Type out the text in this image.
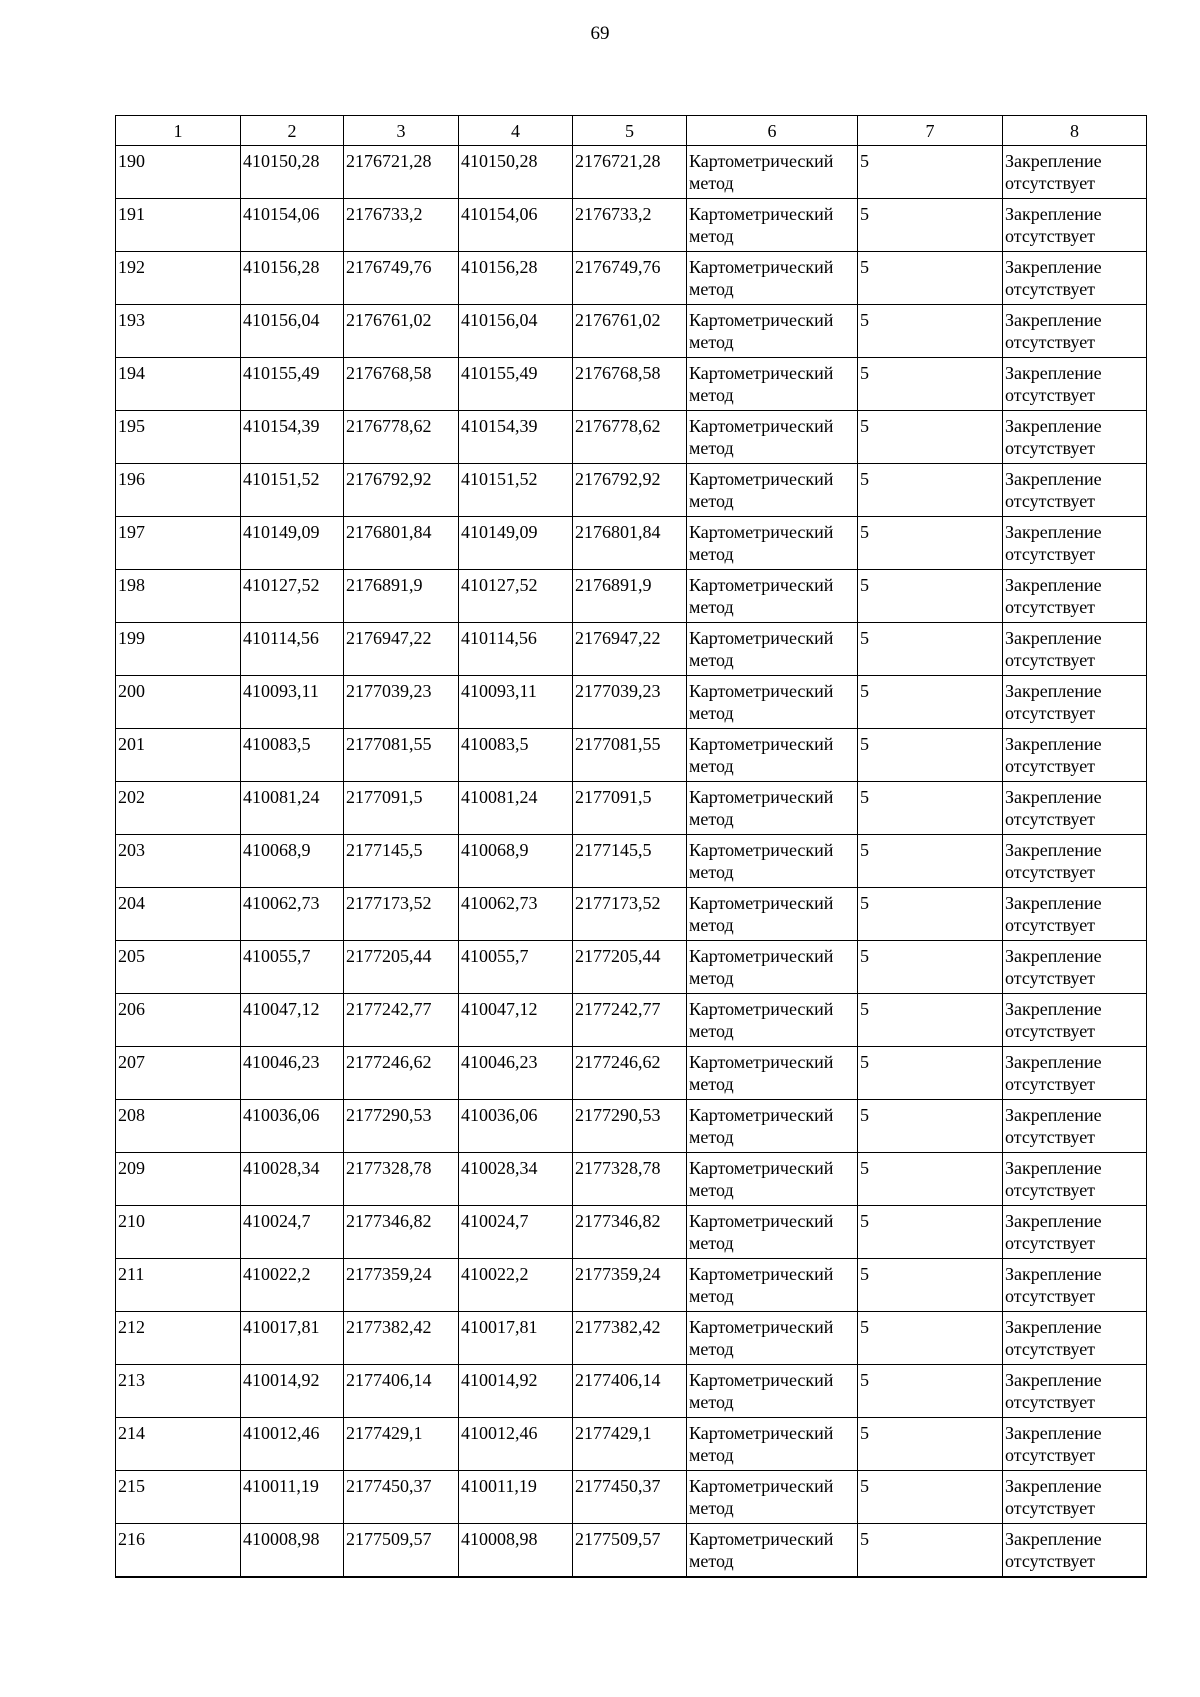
69
1	2	3	4	5	6	7	8
190	410150,28	2176721,28	410150,28	2176721,28	Картометрический метод	5	Закрепление отсутствует
191	410154,06	2176733,2	410154,06	2176733,2	Картометрический метод	5	Закрепление отсутствует
192	410156,28	2176749,76	410156,28	2176749,76	Картометрический метод	5	Закрепление отсутствует
193	410156,04	2176761,02	410156,04	2176761,02	Картометрический метод	5	Закрепление отсутствует
194	410155,49	2176768,58	410155,49	2176768,58	Картометрический метод	5	Закрепление отсутствует
195	410154,39	2176778,62	410154,39	2176778,62	Картометрический метод	5	Закрепление отсутствует
196	410151,52	2176792,92	410151,52	2176792,92	Картометрический метод	5	Закрепление отсутствует
197	410149,09	2176801,84	410149,09	2176801,84	Картометрический метод	5	Закрепление отсутствует
198	410127,52	2176891,9	410127,52	2176891,9	Картометрический метод	5	Закрепление отсутствует
199	410114,56	2176947,22	410114,56	2176947,22	Картометрический метод	5	Закрепление отсутствует
200	410093,11	2177039,23	410093,11	2177039,23	Картометрический метод	5	Закрепление отсутствует
201	410083,5	2177081,55	410083,5	2177081,55	Картометрический метод	5	Закрепление отсутствует
202	410081,24	2177091,5	410081,24	2177091,5	Картометрический метод	5	Закрепление отсутствует
203	410068,9	2177145,5	410068,9	2177145,5	Картометрический метод	5	Закрепление отсутствует
204	410062,73	2177173,52	410062,73	2177173,52	Картометрический метод	5	Закрепление отсутствует
205	410055,7	2177205,44	410055,7	2177205,44	Картометрический метод	5	Закрепление отсутствует
206	410047,12	2177242,77	410047,12	2177242,77	Картометрический метод	5	Закрепление отсутствует
207	410046,23	2177246,62	410046,23	2177246,62	Картометрический метод	5	Закрепление отсутствует
208	410036,06	2177290,53	410036,06	2177290,53	Картометрический метод	5	Закрепление отсутствует
209	410028,34	2177328,78	410028,34	2177328,78	Картометрический метод	5	Закрепление отсутствует
210	410024,7	2177346,82	410024,7	2177346,82	Картометрический метод	5	Закрепление отсутствует
211	410022,2	2177359,24	410022,2	2177359,24	Картометрический метод	5	Закрепление отсутствует
212	410017,81	2177382,42	410017,81	2177382,42	Картометрический метод	5	Закрепление отсутствует
213	410014,92	2177406,14	410014,92	2177406,14	Картометрический метод	5	Закрепление отсутствует
214	410012,46	2177429,1	410012,46	2177429,1	Картометрический метод	5	Закрепление отсутствует
215	410011,19	2177450,37	410011,19	2177450,37	Картометрический метод	5	Закрепление отсутствует
216	410008,98	2177509,57	410008,98	2177509,57	Картометрический метод	5	Закрепление отсутствует
